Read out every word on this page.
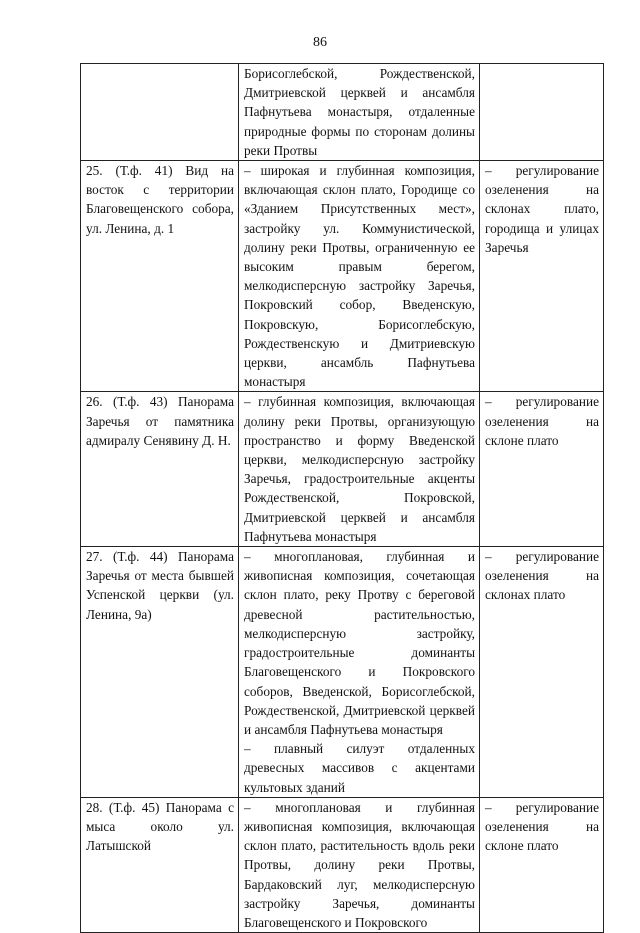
86

	Борисоглебской, Рождественской, Дмитриевской церквей и ансамбля Пафнутьева монастыря, отдаленные природные формы по сторонам долины реки Протвы	

25. (Т.ф. 41) Вид на восток с территории Благовещенского собора, ул. Ленина, д. 1	– широкая и глубинная композиция, включающая склон плато, Городище со «Зданием Присутственных мест», застройку ул. Коммунистической, долину реки Протвы, ограниченную ее высоким правым берегом, мелкодисперсную застройку Заречья, Покровский собор, Введенскую, Покровскую, Борисоглебскую, Рождественскую и Дмитриевскую церкви, ансамбль Пафнутьева монастыря	– регулирование озеленения на склонах плато, городища и улицах Заречья

26. (Т.ф. 43) Панорама Заречья от памятника адмиралу Сенявину Д. Н.	– глубинная композиция, включающая долину реки Протвы, организующую пространство и форму Введенской церкви, мелкодисперсную застройку Заречья, градостроительные акценты Рождественской, Покровской, Дмитриевской церквей и ансамбля Пафнутьева монастыря	– регулирование озеленения на склоне плато

27. (Т.ф. 44) Панорама Заречья от места бывшей Успенской церкви (ул. Ленина, 9а)	– многоплановая, глубинная и живописная композиция, сочетающая склон плато, реку Протву с береговой древесной растительностью, мелкодисперсную застройку, градостроительные доминанты Благовещенского и Покровского соборов, Введенской, Борисоглебской, Рождественской, Дмитриевской церквей и ансамбля Пафнутьева монастыря
– плавный силуэт отдаленных древесных массивов с акцентами культовых зданий	– регулирование озеленения на склонах плато

28. (Т.ф. 45) Панорама с мыса около ул. Латышской	– многоплановая и глубинная живописная композиция, включающая склон плато, растительность вдоль реки Протвы, долину реки Протвы, Бардаковский луг, мелкодисперсную застройку Заречья, доминанты Благовещенского и Покровского	– регулирование озеленения на склоне плато
